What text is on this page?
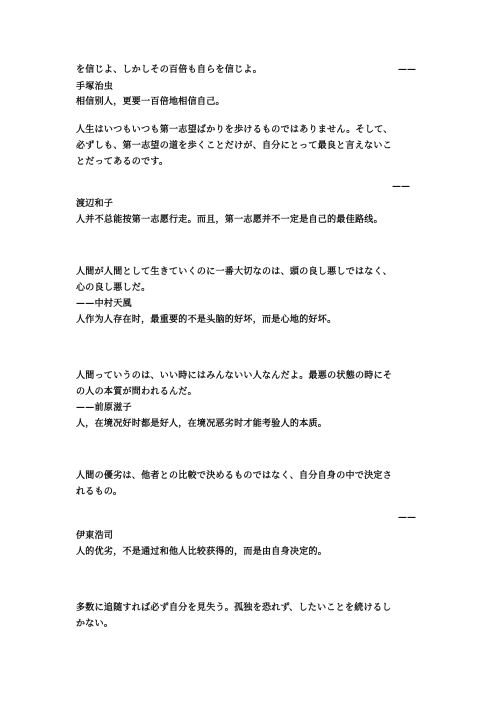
を信じよ、しかしその百倍も自らを信じよ。	——
手塚治虫
相信别人，更要一百倍地相信自己。
人生はいつもいつも第一志望ばかりを歩けるものではありません。そして、
必ずしも、第一志望の道を歩くことだけが、自分にとって最良と言えないこ
とだってあるのです。
——
渡辺和子
人并不总能按第一志愿行走。而且，第一志愿并不一定是自己的最佳路线。
人間が人間として生きていくのに一番大切なのは、頭の良し悪しではなく、
心の良し悪しだ。
——中村天風
人作为人存在时，最重要的不是头脑的好坏，而是心地的好坏。
人間っていうのは、いい時にはみんないい人なんだよ。最悪の状態の時にそ
の人の本質が問われるんだ。
——前原滋子
人，在境况好时都是好人，在境况恶劣时才能考验人的本质。
人間の優劣は、他者との比較で決めるものではなく、自分自身の中で決定さ
れるもの。
——
伊東浩司
人的优劣，不是通过和他人比较获得的，而是由自身决定的。
多数に追随すれば必ず自分を見失う。孤独を恐れず、したいことを続けるし
かない。
